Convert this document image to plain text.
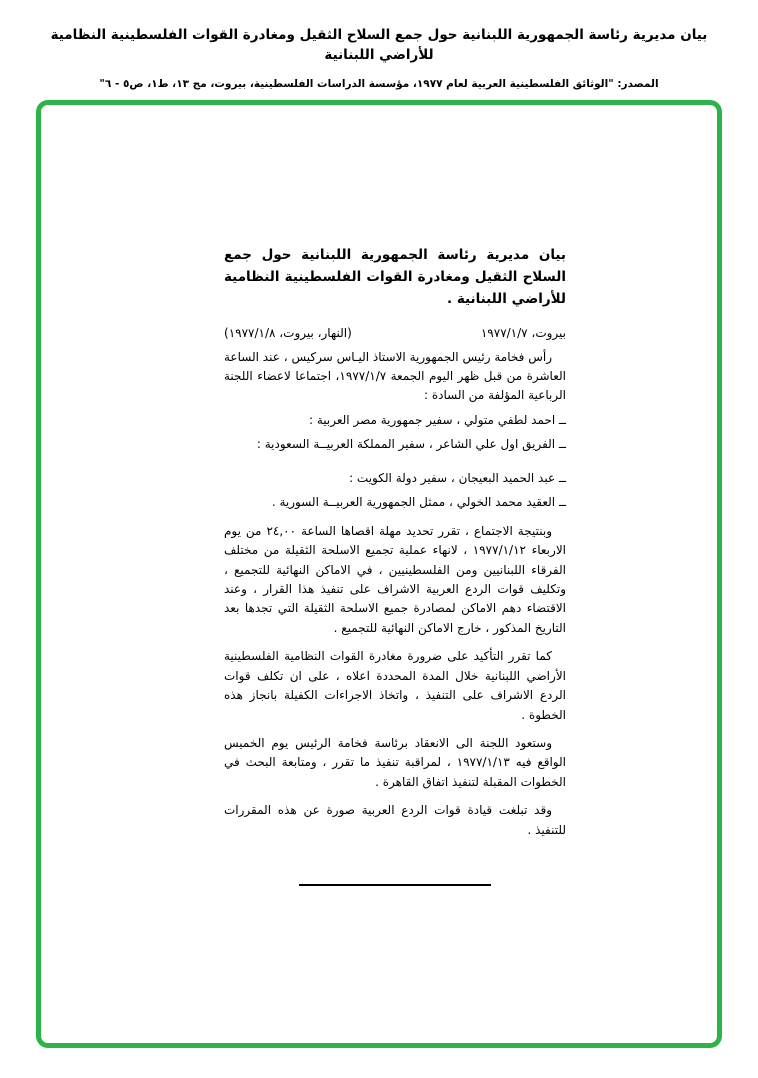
بيان مديرية رئاسة الجمهورية اللبنانية حول جمع السلاح الثقيل ومغادرة القوات الفلسطينية النظامية للأراضي اللبنانية
المصدر: "الوثائق الفلسطينية العربية لعام ١٩٧٧، مؤسسة الدراسات الفلسطينية، بيروت، مج ١٣، ط١، ص٥ - ٦"
بيان مديرية رئاسة الجمهورية اللبنانية حول جمع السلاح الثقيل ومغادرة القوات الفلسطينية النظامية للأراضي اللبنانية .
بيروت، ١٩٧٧/١/٧
(النهار، بيروت، ١٩٧٧/١/٨)

رأس فخامة رئيس الجمهورية الاستاذ اليـاس سركيس ، عند الساعة العاشرة من قبل ظهر اليوم الجمعة ١٩٧٧/١/٧، اجتماعا لاعضاء اللجنة الرباعية المؤلفة من السادة :

ــ احمد لطفي متولي ، سفير جمهورية مصر العربية :

ــ الفريق اول علي الشاعر ، سفير المملكة العربيــة السعودية :

ــ عبد الحميد البعيجان ، سفير دولة الكويت :

ــ العقيد محمد الخولي ، ممثل الجمهورية العربيــة السورية .

وبنتيجة الاجتماع ، تقرر تحديد مهلة اقصاها الساعة ٢٤,٠٠ من يوم الاربعاء ١٩٧٧/١/١٢ ، لانهاء عملية تجميع الاسلحة الثقيلة من مختلف الفرقاء اللبنانيين ومن الفلسطينيين ، في الاماكن النهائية للتجميع ، وتكليف قوات الردع العربية الاشراف على تنفيذ هذا القرار ، وعند الاقتضاء دهم الاماكن لمصادرة جميع الاسلحة الثقيلة التي تجدها بعد التاريخ المذكور ، خارج الاماكن النهائية للتجميع .

كما تقرر التأكيد على ضرورة مغادرة القوات النظامية الفلسطينية الأراضي اللبنانية خلال المدة المحددة اعلاه ، على ان تكلف قوات الردع الاشراف على التنفيذ ، واتخاذ الاجراءات الكفيلة بانجاز هذه الخطوة .

وستعود اللجنة الى الانعقاد برئاسة فخامة الرئيس يوم الخميس الواقع فيه ١٩٧٧/١/١٣ ، لمراقبة تنفيذ ما تقرر ، ومتابعة البحث في الخطوات المقبلة لتنفيذ اتفاق القاهرة .

وقد تبلغت قيادة قوات الردع العربية صورة عن هذه المقررات للتنفيذ .
